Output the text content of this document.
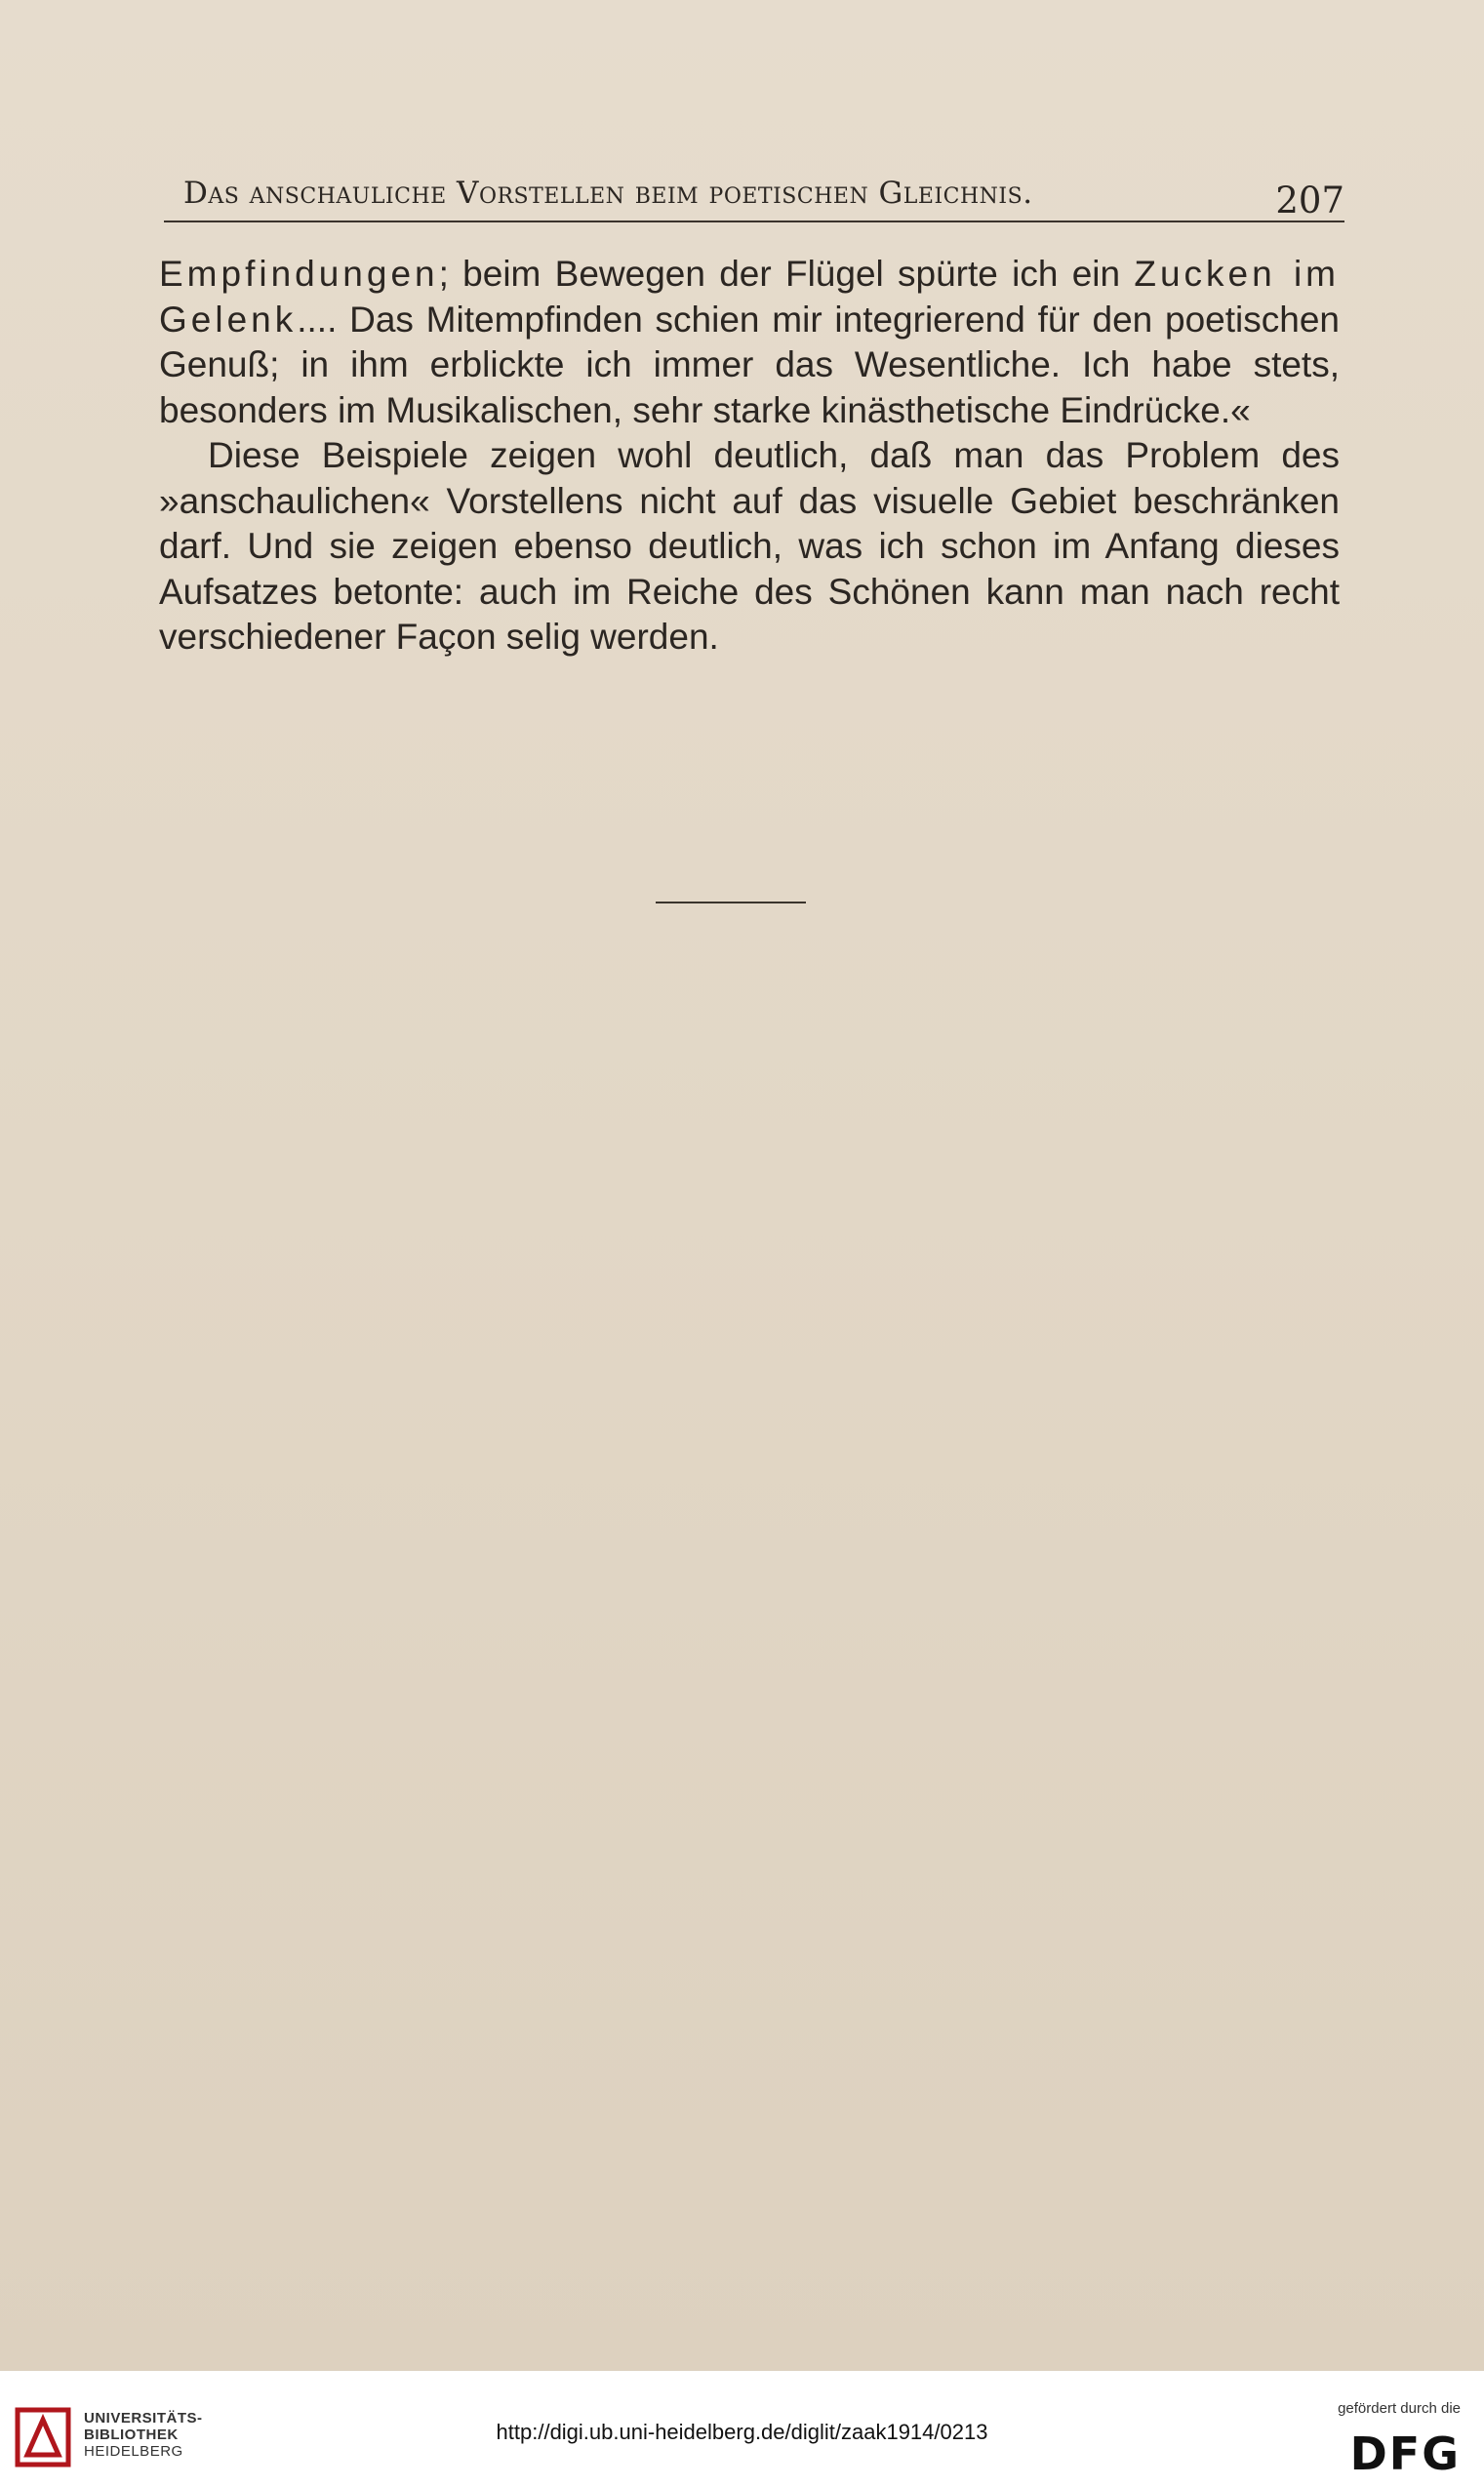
Das anschauliche Vorstellen beim poetischen Gleichnis.	207

Empfindungen; beim Bewegen der Flügel spürte ich ein Zucken im Gelenk.... Das Mitempfinden schien mir integrierend für den poetischen Genuß; in ihm erblickte ich immer das Wesentliche. Ich habe stets, besonders im Musikalischen, sehr starke kinästhetische Eindrücke.«

Diese Beispiele zeigen wohl deutlich, daß man das Problem des »anschaulichen« Vorstellens nicht auf das visuelle Gebiet beschränken darf. Und sie zeigen ebenso deutlich, was ich schon im Anfang dieses Aufsatzes betonte: auch im Reiche des Schönen kann man nach recht verschiedener Façon selig werden.

UNIVERSITÄTS-
BIBLIOTHEK
HEIDELBERG
http://digi.ub.uni-heidelberg.de/diglit/zaak1914/0213
gefördert durch die
DFG
